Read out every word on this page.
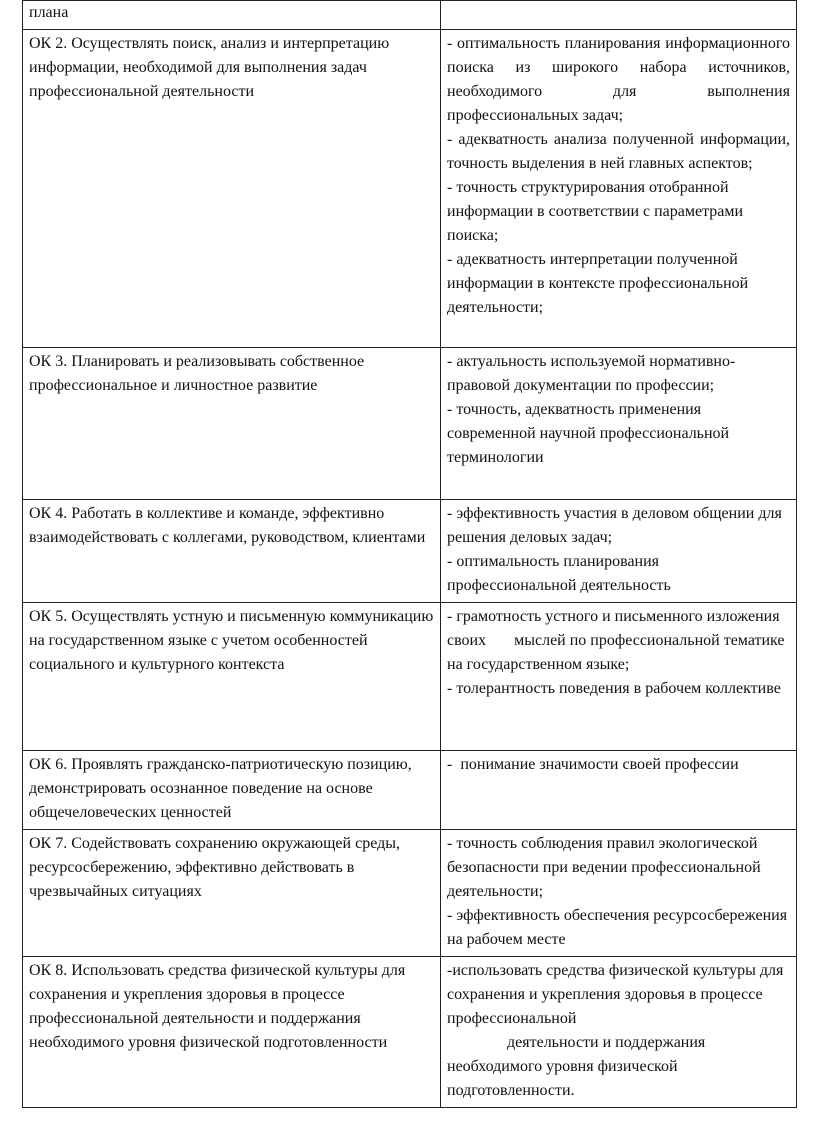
плана	
ОК 2. Осуществлять поиск, анализ и интерпретацию информации, необходимой для выполнения задач профессиональной деятельности	- оптимальность планирования информационного поиска из широкого набора источников, необходимого для выполнения профессиональных задач;
- адекватность анализа полученной информации, точность выделения в ней главных аспектов;
- точность структурирования отобранной информации в соответствии с параметрами поиска;
- адекватность интерпретации полученной информации в контексте профессиональной деятельности;

ОК 3. Планировать и реализовывать собственное профессиональное и личностное развитие	- актуальность используемой нормативно-правовой документации по профессии;
- точность, адекватность применения современной научной профессиональной терминологии

ОК 4. Работать в коллективе и команде, эффективно взаимодействовать с коллегами, руководством, клиентами	- эффективность участия в деловом общении для решения деловых задач;
- оптимальность планирования профессиональной деятельность

ОК 5. Осуществлять устную и письменную коммуникацию на государственном языке с учетом особенностей социального и культурного контекста	- грамотность устного и письменного изложения своих       мыслей по профессиональной тематике на государственном языке;
- толерантность поведения в рабочем коллективе

ОК 6. Проявлять гражданско-патриотическую позицию, демонстрировать осознанное поведение на основе общечеловеческих ценностей	-  понимание значимости своей профессии

ОК 7. Содействовать сохранению окружающей среды, ресурсосбережению, эффективно действовать в чрезвычайных ситуациях	- точность соблюдения правил экологической безопасности при ведении профессиональной деятельности;
- эффективность обеспечения ресурсосбережения на рабочем месте

ОК 8. Использовать средства физической культуры для сохранения и укрепления здоровья в процессе профессиональной деятельности и поддержания необходимого уровня физической подготовленности	-использовать средства физической культуры для сохранения и укрепления здоровья в процессе профессиональной
деятельности и поддержания необходимого уровня физической подготовленности.
